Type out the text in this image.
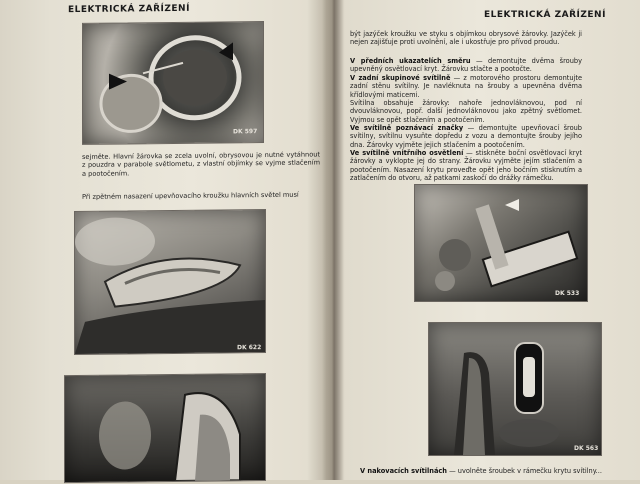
ELEKTRICKÁ ZAŘÍZENÍ
DK 597

sejměte. Hlavní žárovka se zcela uvolní, obrysovou je nutné vytáhnout z pouzdra v parabole světlometu, z vlastní objímky se vyjme stlačením a pootočením.

Při zpětném nasazení upevňovacího kroužku hlavních světel musí

DK 622
ELEKTRICKÁ ZAŘÍZENÍ

být jazýček kroužku ve styku s objímkou obrysové žárovky. Jazýček ji nejen zajišťuje proti uvolnění, ale i ukostřuje pro přívod proudu.

V předních ukazatelích směru — demontujte dvěma šrouby upevněný osvětlovací kryt. Žárovku stlačte a pootočte.

V zadní skupinové svítilně — z motorového prostoru demontujte zadní stěnu svítilny. Je navléknuta na šrouby a upevněna dvěma křídlovými maticemi.

Svítilna obsahuje žárovky: nahoře jednovláknovou, pod ní dvouvláknovou, popř. další jednovláknovou jako zpětný světlomet. Vyjmou se opět stlačením a pootočením.

Ve svítilně poznávací značky — demontujte upevňovací šroub svítilny, svítilnu vysuňte dopředu z vozu a demontujte šrouby jejího dna. Žárovky vyjměte jejich stlačením a pootočením.

Ve svítilně vnitřního osvětlení — stiskněte boční osvětlovací kryt žárovky a vyklopte jej do strany. Žárovku vyjměte jejím stlačením a pootočením. Nasazení krytu proveďte opět jeho bočním stisknutím a zatlačením do otvoru, až patkami zaskočí do drážky rámečku.

DK 533
DK 563

V nakovacích svítilnách — uvolněte šroubek v rámečku krytu svítilny...
